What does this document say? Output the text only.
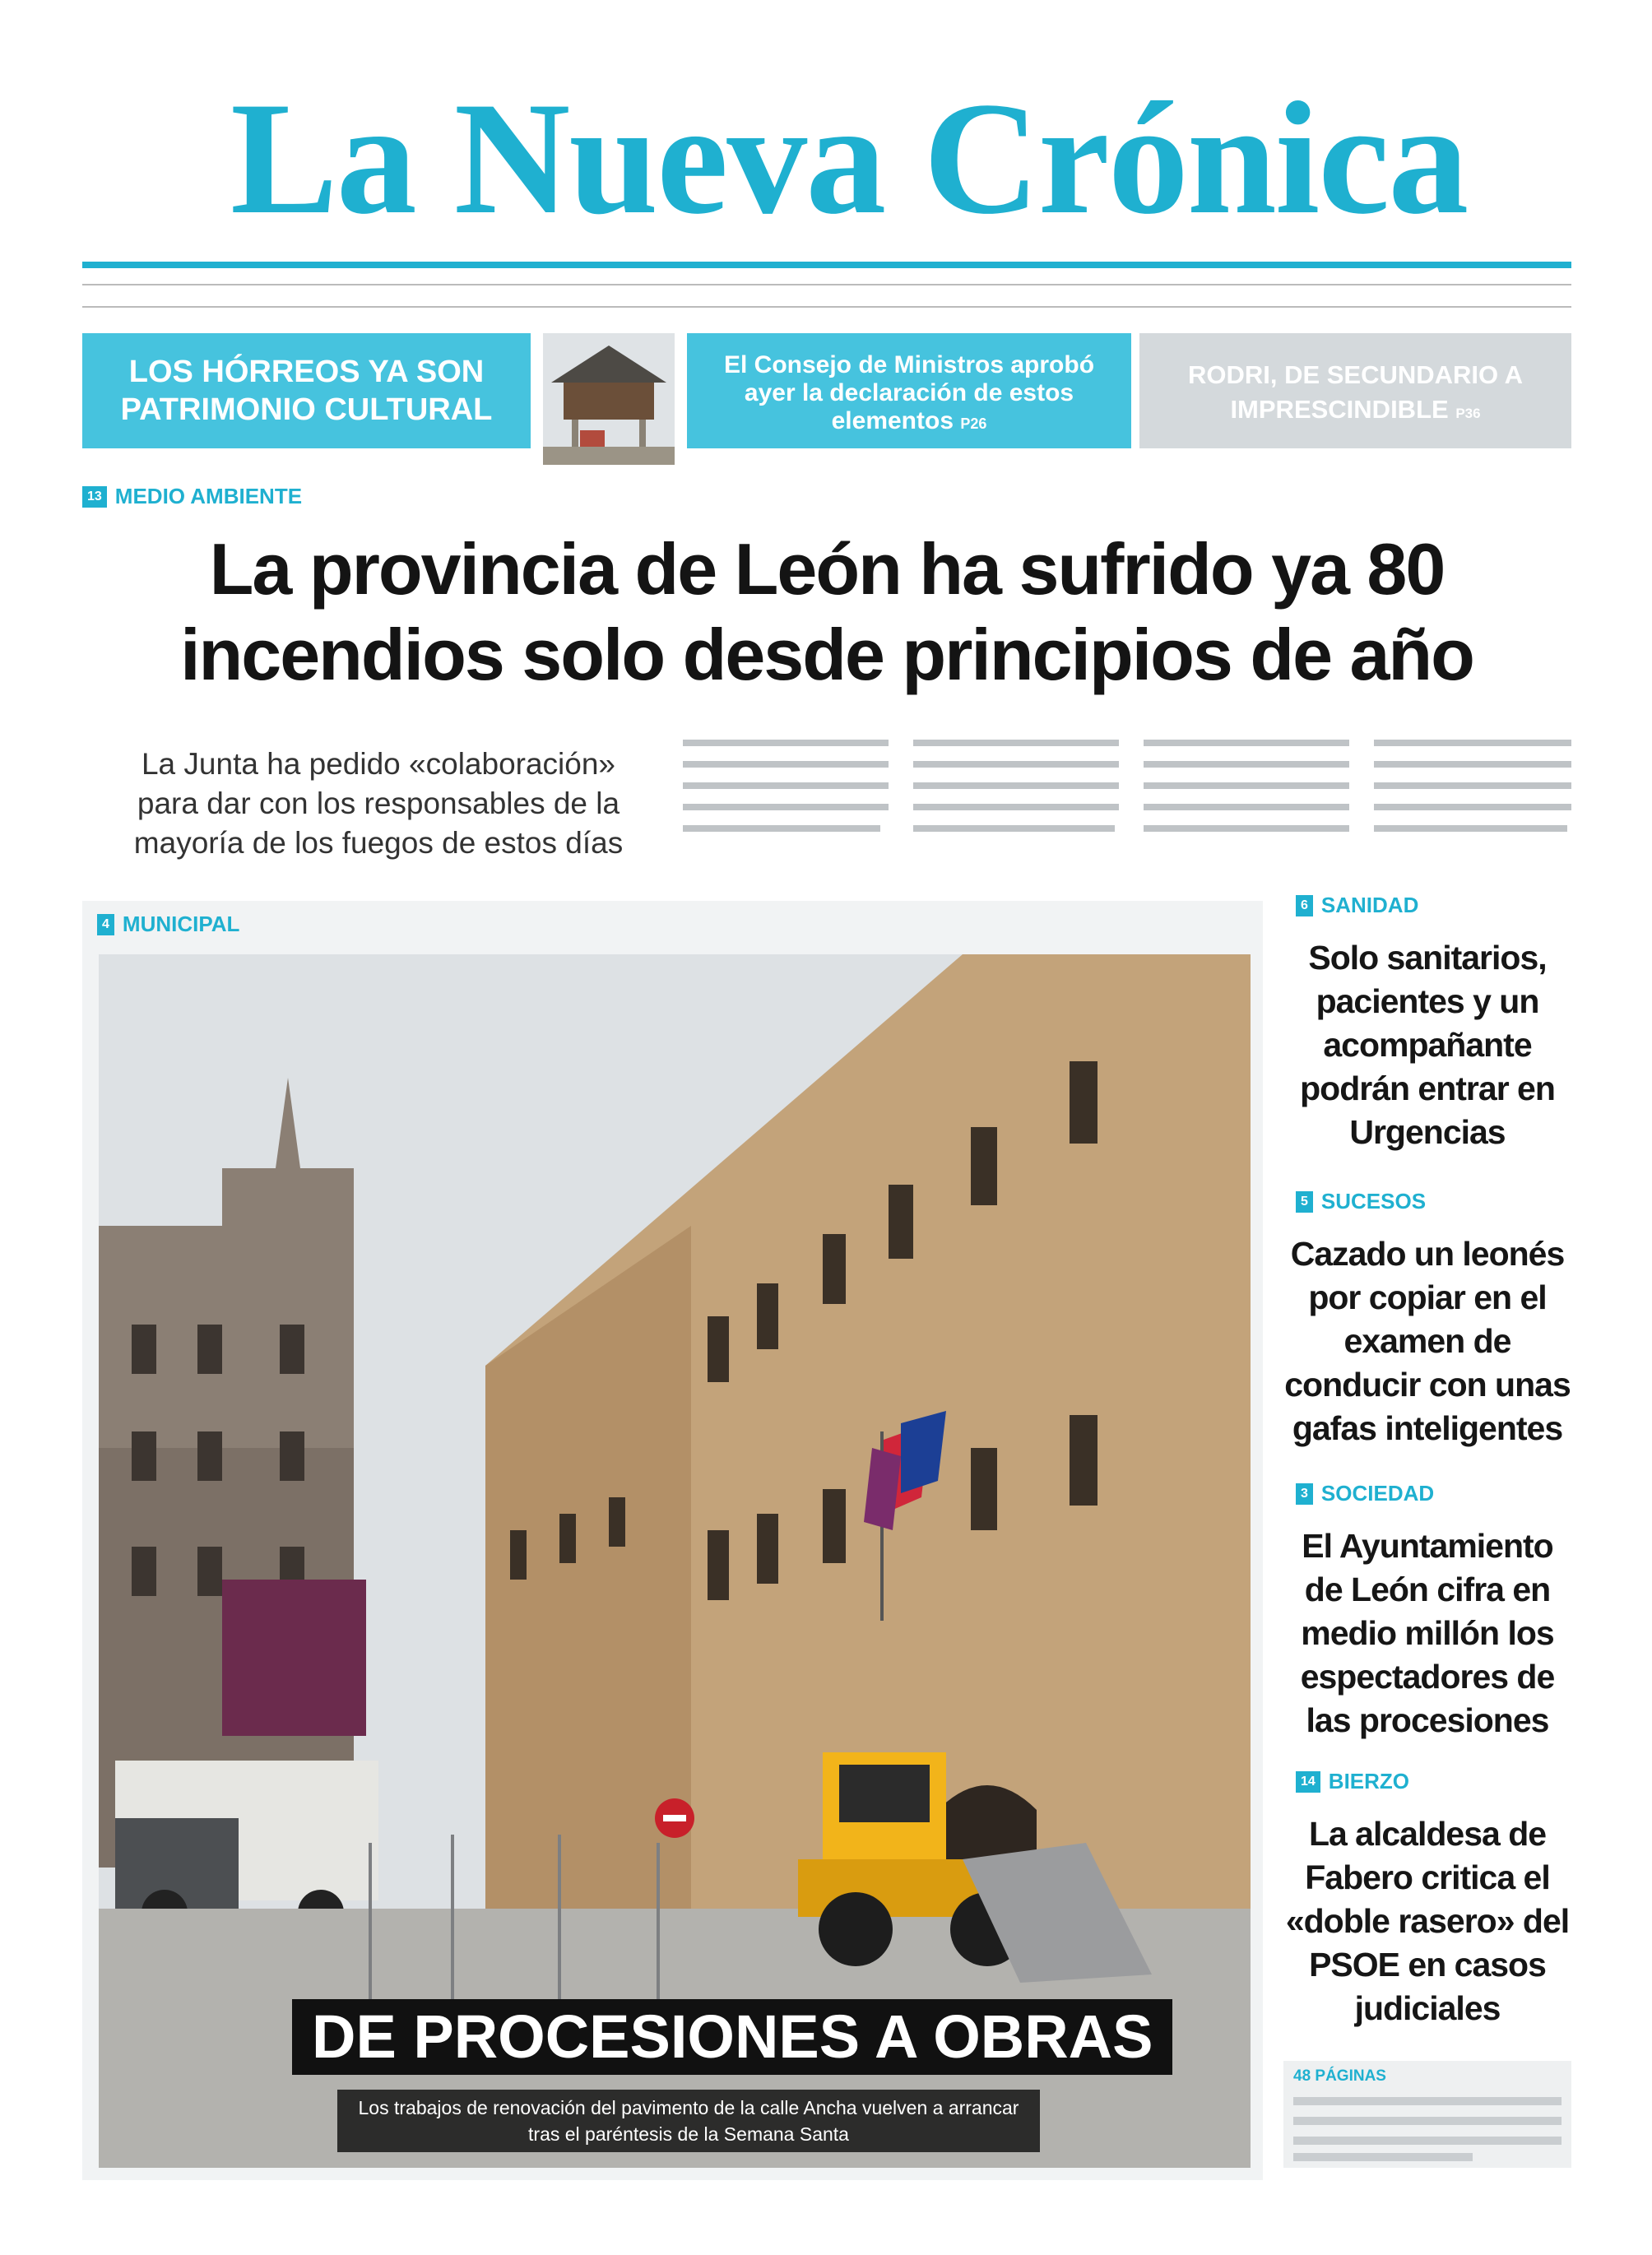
La Nueva Crónica
LOS HÓRREOS YA SON PATRIMONIO CULTURAL
El Consejo de Ministros aprobó ayer la declaración de estos elementos P26
RODRI, DE SECUNDARIO A IMPRESCINDIBLE P36
13 MEDIO AMBIENTE
La provincia de León ha sufrido ya 80 incendios solo desde principios de año
La Junta ha pedido «colaboración» para dar con los responsables de la mayoría de los fuegos de estos días
4 MUNICIPAL
DE PROCESIONES A OBRAS
Los trabajos de renovación del pavimento de la calle Ancha vuelven a arrancar tras el paréntesis de la Semana Santa
6 SANIDAD
Solo sanitarios, pacientes y un acompañante podrán entrar en Urgencias
5 SUCESOS
Cazado un leonés por copiar en el examen de conducir con unas gafas inteligentes
3 SOCIEDAD
El Ayuntamiento de León cifra en medio millón los espectadores de las procesiones
14 BIERZO
La alcaldesa de Fabero critica el «doble rasero» del PSOE en casos judiciales
48 PÁGINAS
